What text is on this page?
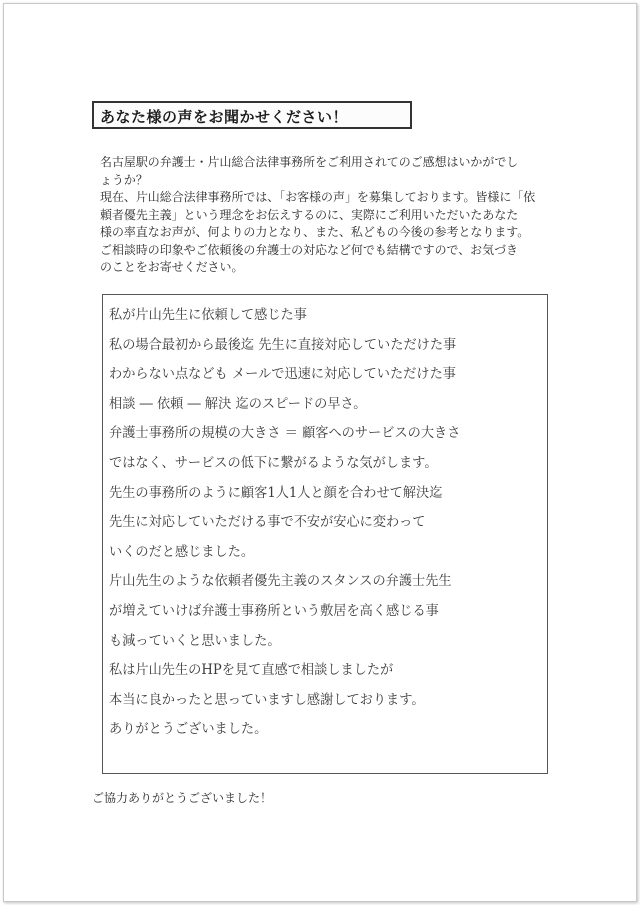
あなた様の声をお聞かせください！
名古屋駅の弁護士・片山総合法律事務所をご利用されてのご感想はいかがでし
ょうか？
現在、片山総合法律事務所では、「お客様の声」を募集しております。皆様に「依
頼者優先主義」という理念をお伝えするのに、実際にご利用いただいたあなた
様の率直なお声が、何よりの力となり、また、私どもの今後の参考となります。
ご相談時の印象やご依頼後の弁護士の対応など何でも結構ですので、お気づき
のことをお寄せください。
私が片山先生に依頼して感じた事
私の場合最初から最後迄 先生に直接対応していただけた事
わからない点なども メールで迅速に対応していただけた事
相談 ― 依頼 ― 解決 迄のスピードの早さ。
弁護士事務所の規模の大きさ ＝ 顧客へのサービスの大きさ
ではなく、サービスの低下に繋がるような気がします。
先生の事務所のように顧客1人1人と顔を合わせて解決迄
先生に対応していただける事で不安が安心に変わって
いくのだと感じました。
片山先生のような依頼者優先主義のスタンスの弁護士先生
が増えていけば弁護士事務所という敷居を高く感じる事
も減っていくと思いました。
私は片山先生のHPを見て直感で相談しましたが
本当に良かったと思っていますし感謝しております。
ありがとうございました。
ご協力ありがとうございました！
